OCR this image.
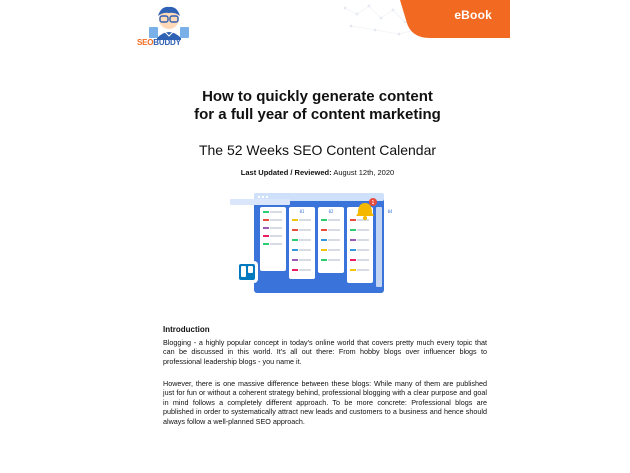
eBook
SEOBUDDY
How to quickly generate content
for a full year of content marketing
The 52 Weeks SEO Content Calendar
Last Updated / Reviewed: August 12th, 2020
01	02	04
1
Introduction

Blogging - a highly popular concept in today’s online world that covers pretty much every topic that can be discussed in this world. It’s all out there: From hobby blogs over influencer blogs to professional leadership blogs - you name it.

However, there is one massive difference between these blogs: While many of them are published just for fun or without a coherent strategy behind, professional blogging with a clear purpose and goal in mind follows a completely different approach. To be more concrete: Professional blogs are published in order to systematically attract new leads and customers to a business and hence should always follow a well-planned SEO approach.
